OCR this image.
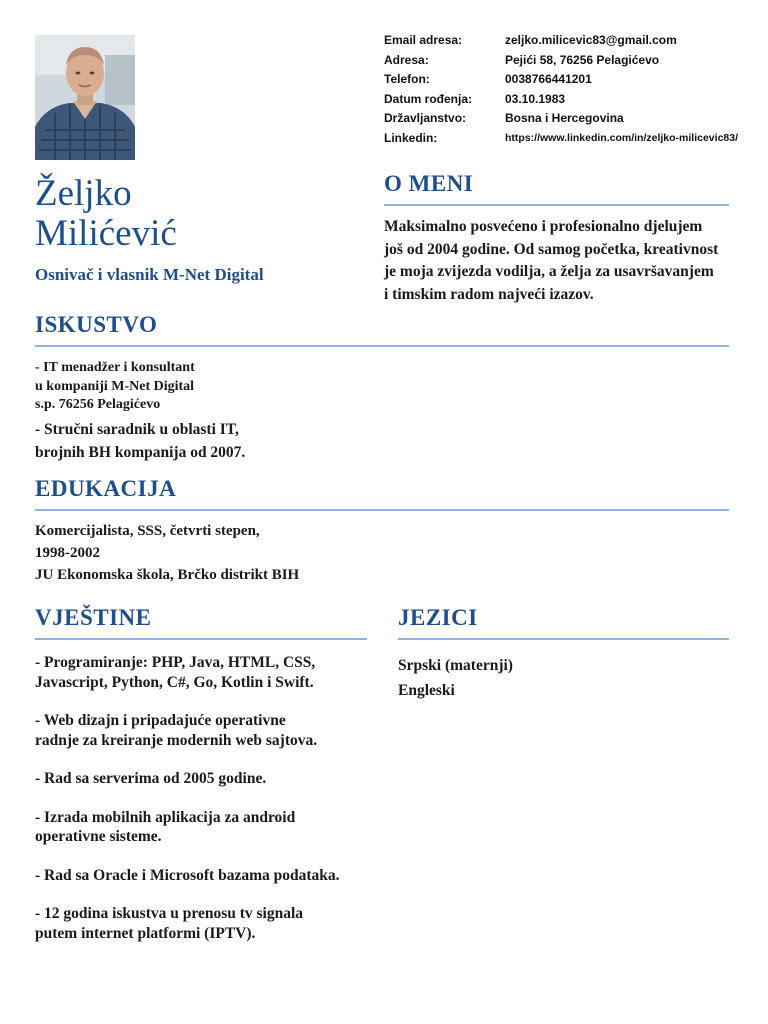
Email adresa:	zeljko.milicevic83@gmail.com
Adresa:	Pejići 58, 76256 Pelagićevo
Telefon:	0038766441201
Datum rođenja:	03.10.1983
Državljanstvo:	Bosna i Hercegovina
Linkedin:	https://www.linkedin.com/in/zeljko-milicevic83/
Željko
Milićević
Osnivač i vlasnik M-Net Digital
O MENI
Maksimalno posvećeno i profesionalno djelujem
još od 2004 godine. Od samog početka, kreativnost
je moja zvijezda vodilja, a želja za usavršavanjem
i timskim radom najveći izazov.
ISKUSTVO
- IT menadžer i konsultant
u kompaniji M-Net Digital
s.p. 76256 Pelagićevo
- Stručni saradnik u oblasti IT,
brojnih BH kompanija od 2007.
EDUKACIJA
Komercijalista, SSS, četvrti stepen,
1998-2002
JU Ekonomska škola, Brčko distrikt BIH
VJEŠTINE
- Programiranje: PHP, Java, HTML, CSS,
Javascript, Python, C#, Go, Kotlin i Swift.
- Web dizajn i pripadajuće operativne
radnje za kreiranje modernih web sajtova.
- Rad sa serverima od 2005 godine.
- Izrada mobilnih aplikacija za android
operativne sisteme.
- Rad sa Oracle i Microsoft bazama podataka.
- 12 godina iskustva u prenosu tv signala
putem internet platformi (IPTV).
JEZICI
Srpski (maternji)
Engleski
